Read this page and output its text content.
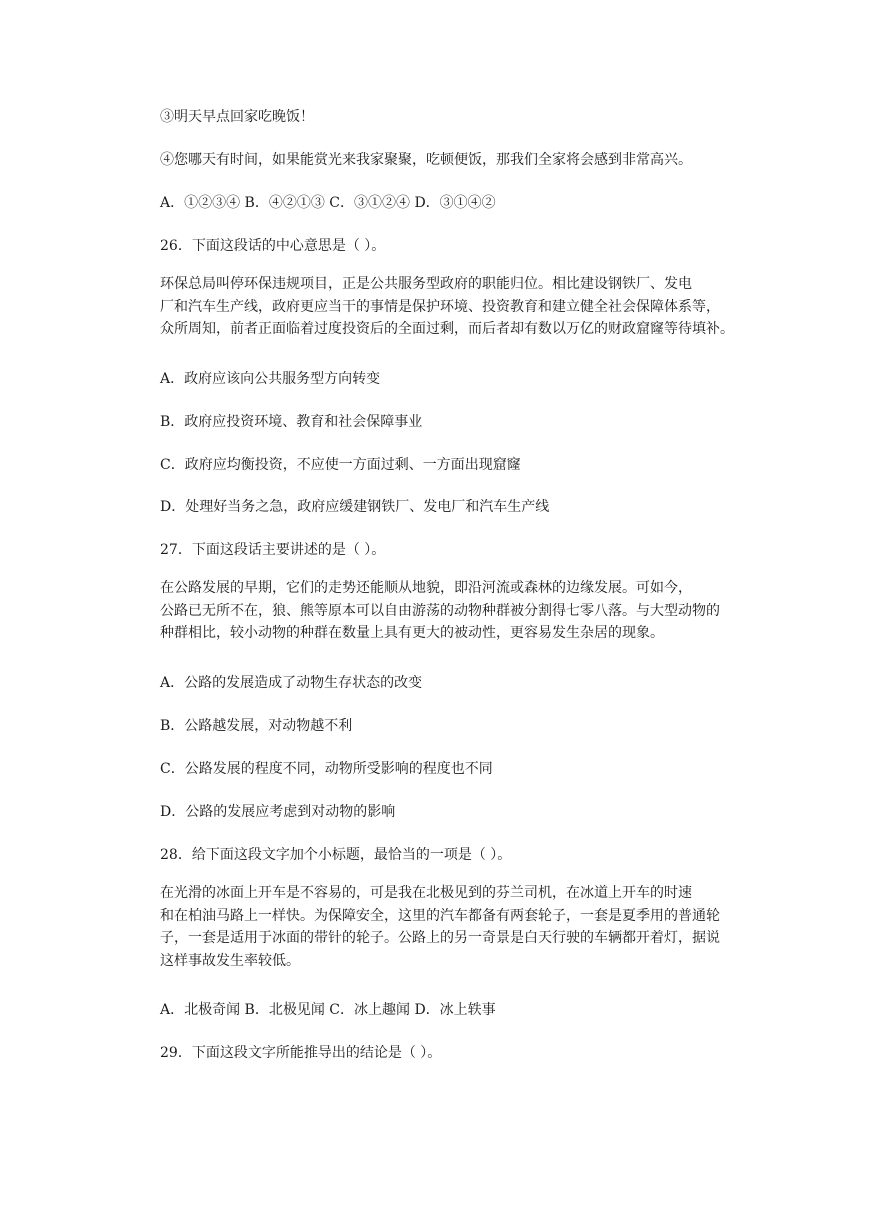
③明天早点回家吃晚饭！
④您哪天有时间，如果能赏光来我家聚聚，吃顿便饭，那我们全家将会感到非常高兴。
A．①②③④ B．④②①③ C．③①②④ D．③①④②
26．下面这段话的中心意思是（ ）。
环保总局叫停环保违规项目，正是公共服务型政府的职能归位。相比建设钢铁厂、发电
厂和汽车生产线，政府更应当干的事情是保护环境、投资教育和建立健全社会保障体系等，
众所周知，前者正面临着过度投资后的全面过剩，而后者却有数以万亿的财政窟窿等待填补。
A．政府应该向公共服务型方向转变
B．政府应投资环境、教育和社会保障事业
C．政府应均衡投资，不应使一方面过剩、一方面出现窟窿
D．处理好当务之急，政府应缓建钢铁厂、发电厂和汽车生产线
27．下面这段话主要讲述的是（ ）。
在公路发展的早期，它们的走势还能顺从地貌，即沿河流或森林的边缘发展。可如今，
公路已无所不在，狼、熊等原本可以自由游荡的动物种群被分割得七零八落。与大型动物的
种群相比，较小动物的种群在数量上具有更大的被动性，更容易发生杂居的现象。
A．公路的发展造成了动物生存状态的改变
B．公路越发展，对动物越不利
C．公路发展的程度不同，动物所受影响的程度也不同
D．公路的发展应考虑到对动物的影响
28．给下面这段文字加个小标题，最恰当的一项是（ ）。
在光滑的冰面上开车是不容易的，可是我在北极见到的芬兰司机，在冰道上开车的时速
和在柏油马路上一样快。为保障安全，这里的汽车都备有两套轮子，一套是夏季用的普通轮
子，一套是适用于冰面的带针的轮子。公路上的另一奇景是白天行驶的车辆都开着灯，据说
这样事故发生率较低。
A．北极奇闻 B．北极见闻 C．冰上趣闻 D．冰上轶事
29．下面这段文字所能推导出的结论是（ ）。
